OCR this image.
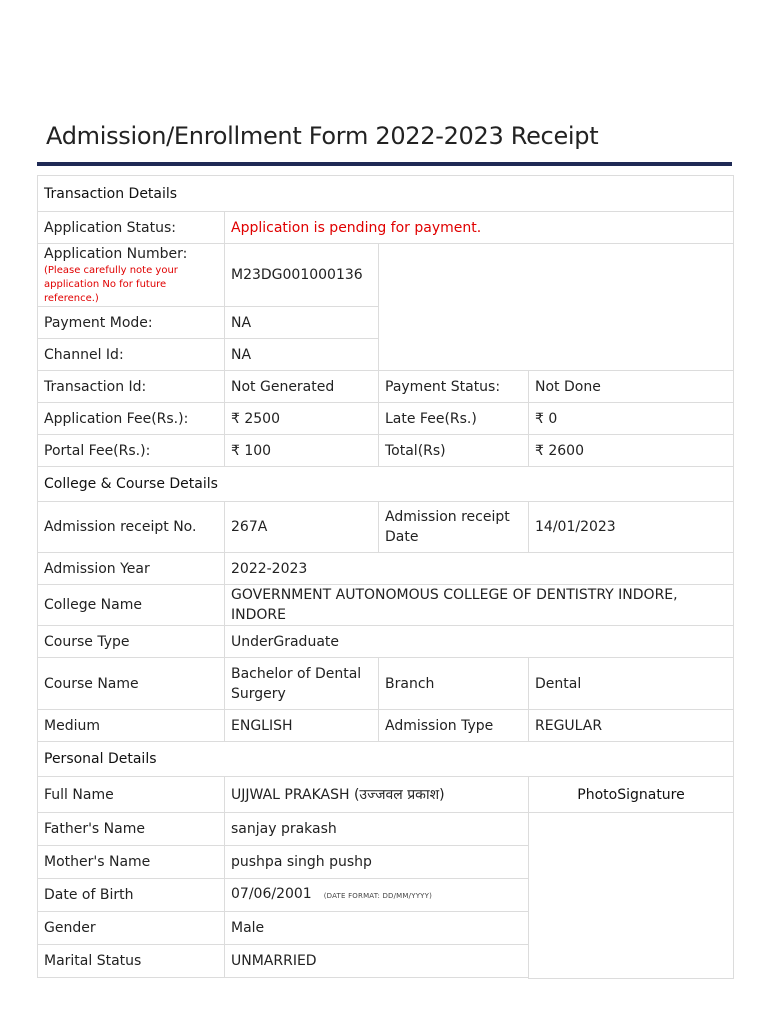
Admission/Enrollment Form 2022-2023 Receipt
Transaction Details			
Application Status:	Application is pending for payment.		
Application Number:
(Please carefully note your application No for future reference.)	M23DG001000136		
Payment Mode:	NA		
Channel Id:	NA		
Transaction Id:	Not Generated	Payment Status:	Not Done
Application Fee(Rs.):	₹ 2500	Late Fee(Rs.)	₹ 0
Portal Fee(Rs.):	₹ 100	Total(Rs)	₹ 2600
College & Course Details			
Admission receipt No.	267A	Admission receipt Date	14/01/2023
Admission Year	2022-2023		
College Name	GOVERNMENT AUTONOMOUS COLLEGE OF DENTISTRY INDORE, INDORE		
Course Type	UnderGraduate		
Course Name	Bachelor of Dental Surgery	Branch	Dental
Medium	ENGLISH	Admission Type	REGULAR
Personal Details			
Full Name	UJJWAL PRAKASH (उज्जवल प्रकाश)		PhotoSignature
Father's Name	sanjay prakash		
Mother's Name	pushpa singh pushp		
Date of Birth	07/06/2001 (DATE FORMAT: DD/MM/YYYY)		
Gender	Male		
Marital Status	UNMARRIED		
